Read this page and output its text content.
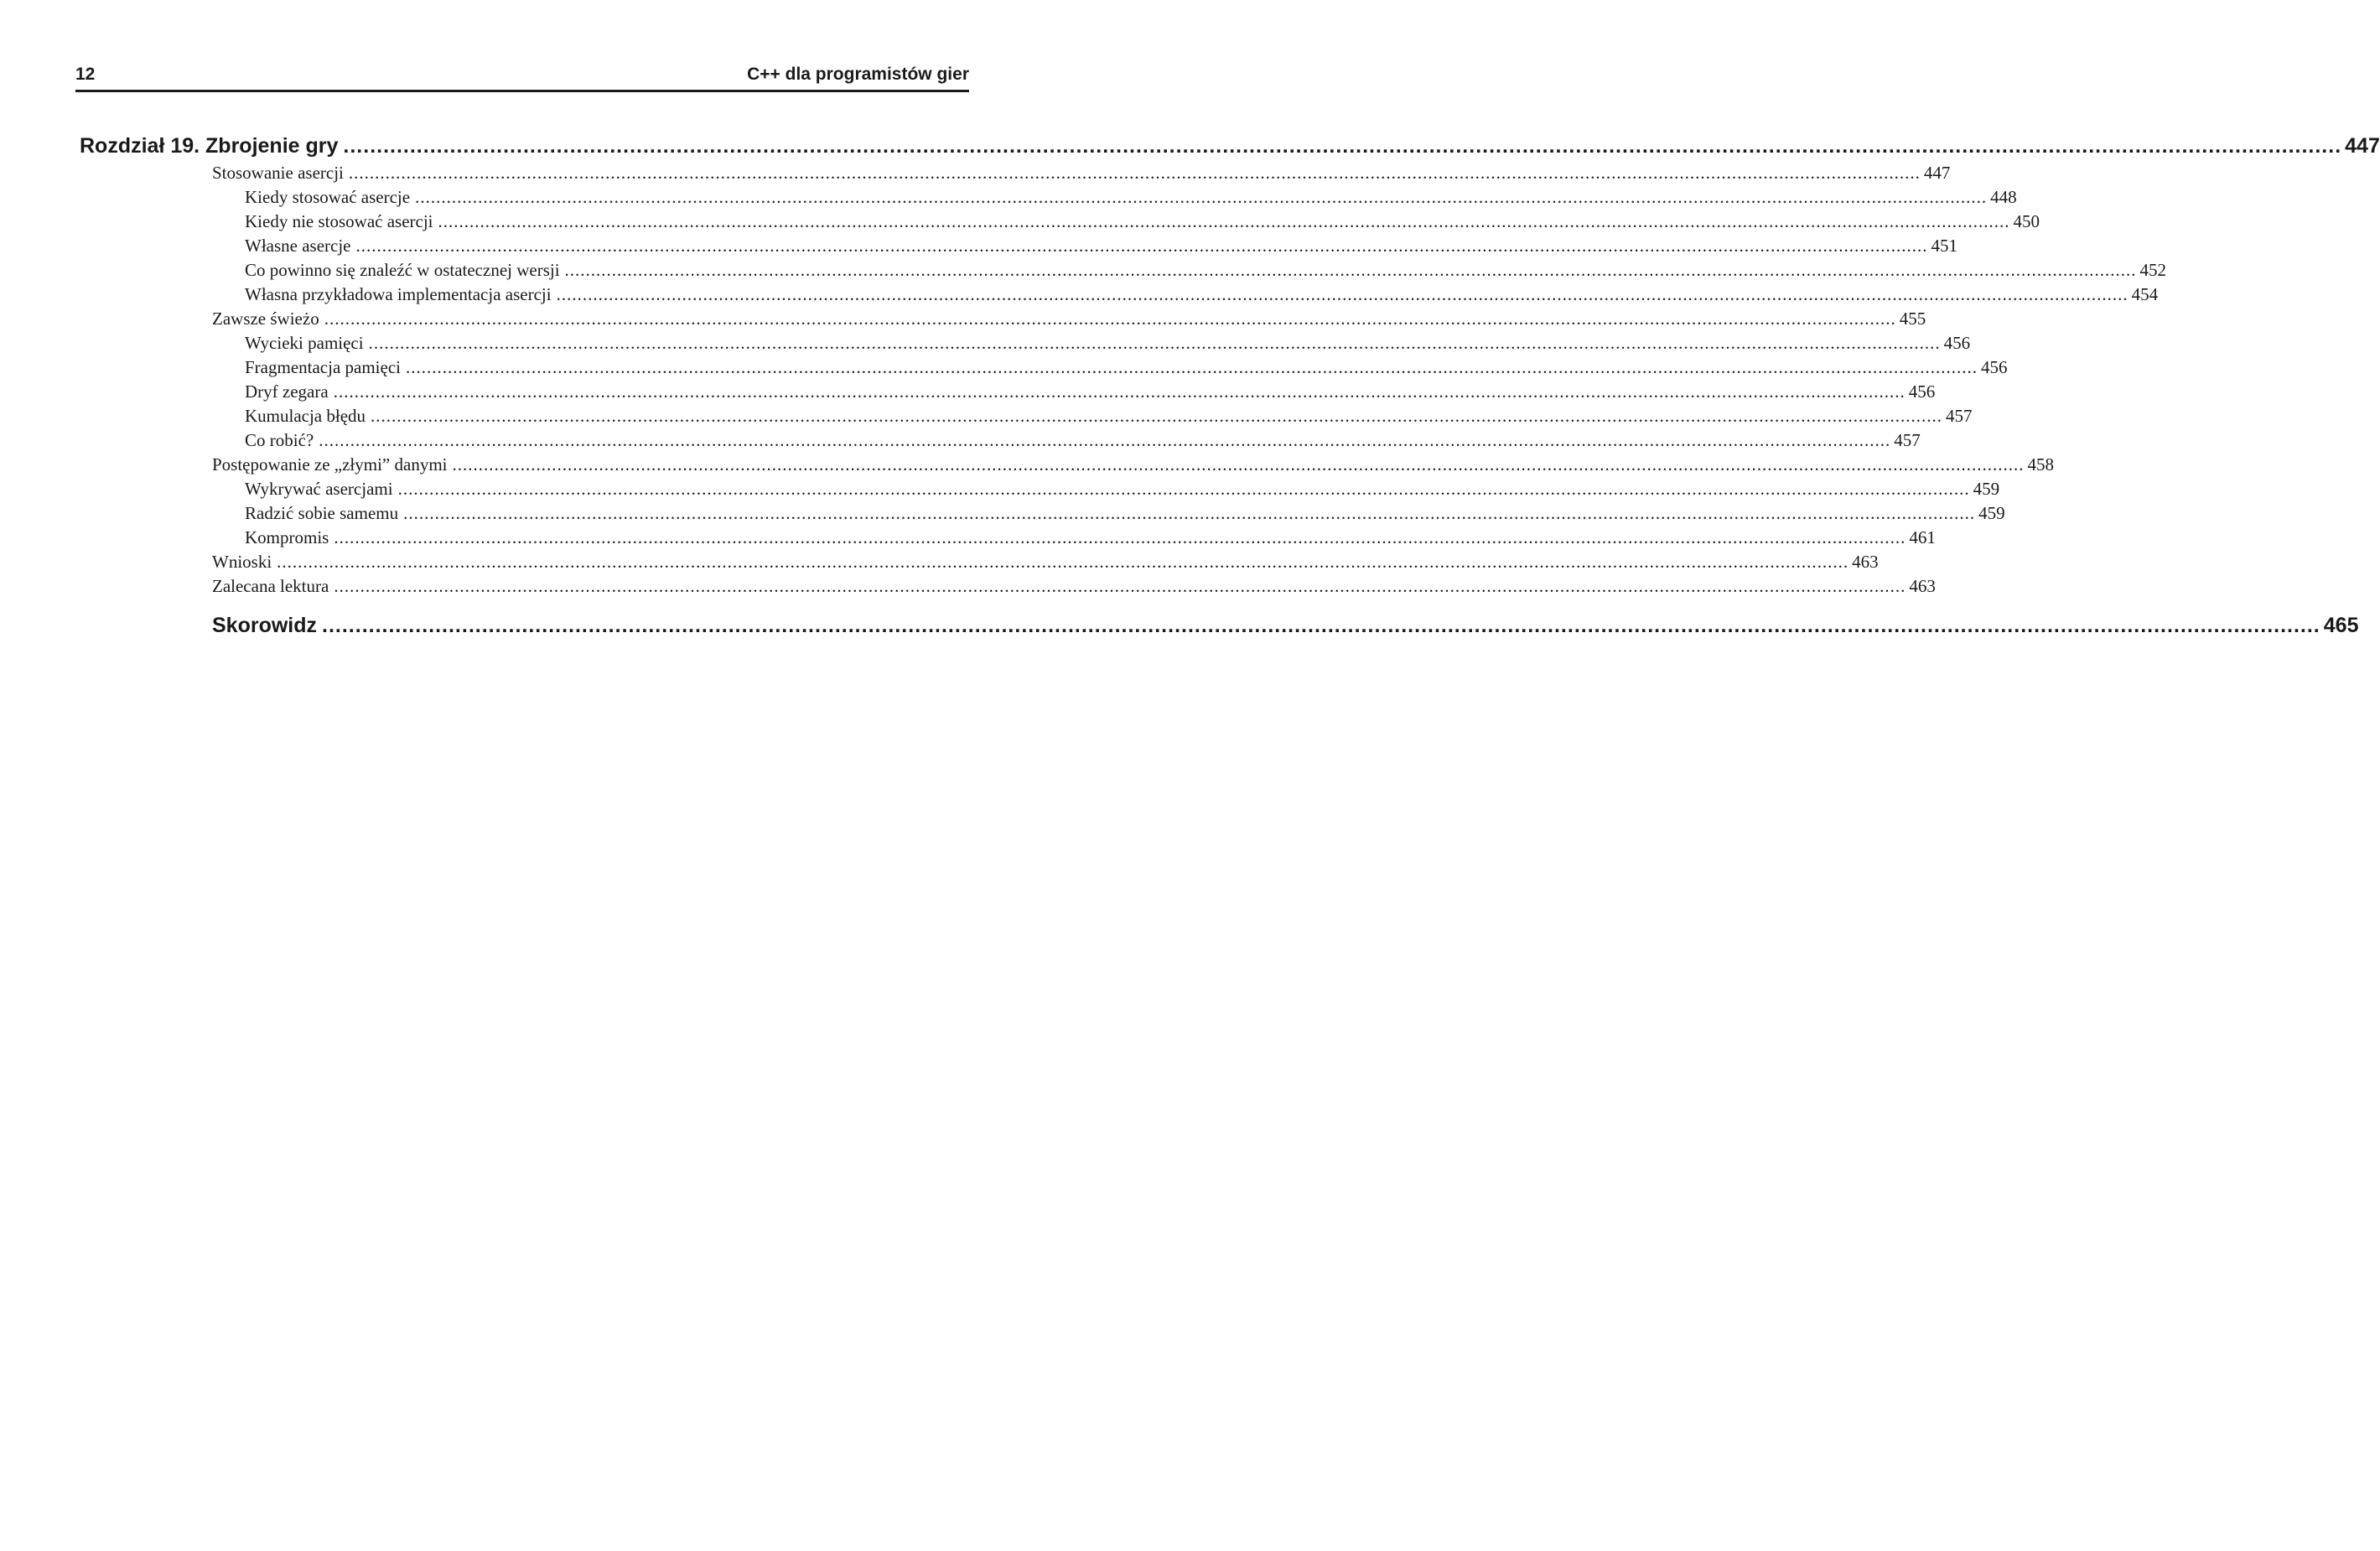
12	C++ dla programistów gier
Rozdział 19. Zbrojenie gry ............................................................................................................................................................................................................................................................................................................ 447
Stosowanie asercji ............................................................................................................................................................................................................................................................................................................ 447
Kiedy stosować asercje ............................................................................................................................................................................................................................................................................................................ 448
Kiedy nie stosować asercji ............................................................................................................................................................................................................................................................................................................ 450
Własne asercje ............................................................................................................................................................................................................................................................................................................ 451
Co powinno się znaleźć w ostatecznej wersji ............................................................................................................................................................................................................................................................................................................ 452
Własna przykładowa implementacja asercji ............................................................................................................................................................................................................................................................................................................ 454
Zawsze świeżo ............................................................................................................................................................................................................................................................................................................ 455
Wycieki pamięci ............................................................................................................................................................................................................................................................................................................ 456
Fragmentacja pamięci ............................................................................................................................................................................................................................................................................................................ 456
Dryf zegara ............................................................................................................................................................................................................................................................................................................ 456
Kumulacja błędu ............................................................................................................................................................................................................................................................................................................ 457
Co robić? ............................................................................................................................................................................................................................................................................................................ 457
Postępowanie ze „złymi” danymi ............................................................................................................................................................................................................................................................................................................ 458
Wykrywać asercjami ............................................................................................................................................................................................................................................................................................................ 459
Radzić sobie samemu ............................................................................................................................................................................................................................................................................................................ 459
Kompromis ............................................................................................................................................................................................................................................................................................................ 461
Wnioski ............................................................................................................................................................................................................................................................................................................ 463
Zalecana lektura ............................................................................................................................................................................................................................................................................................................ 463
Skorowidz ............................................................................................................................................................................................................................................................................................................ 465
